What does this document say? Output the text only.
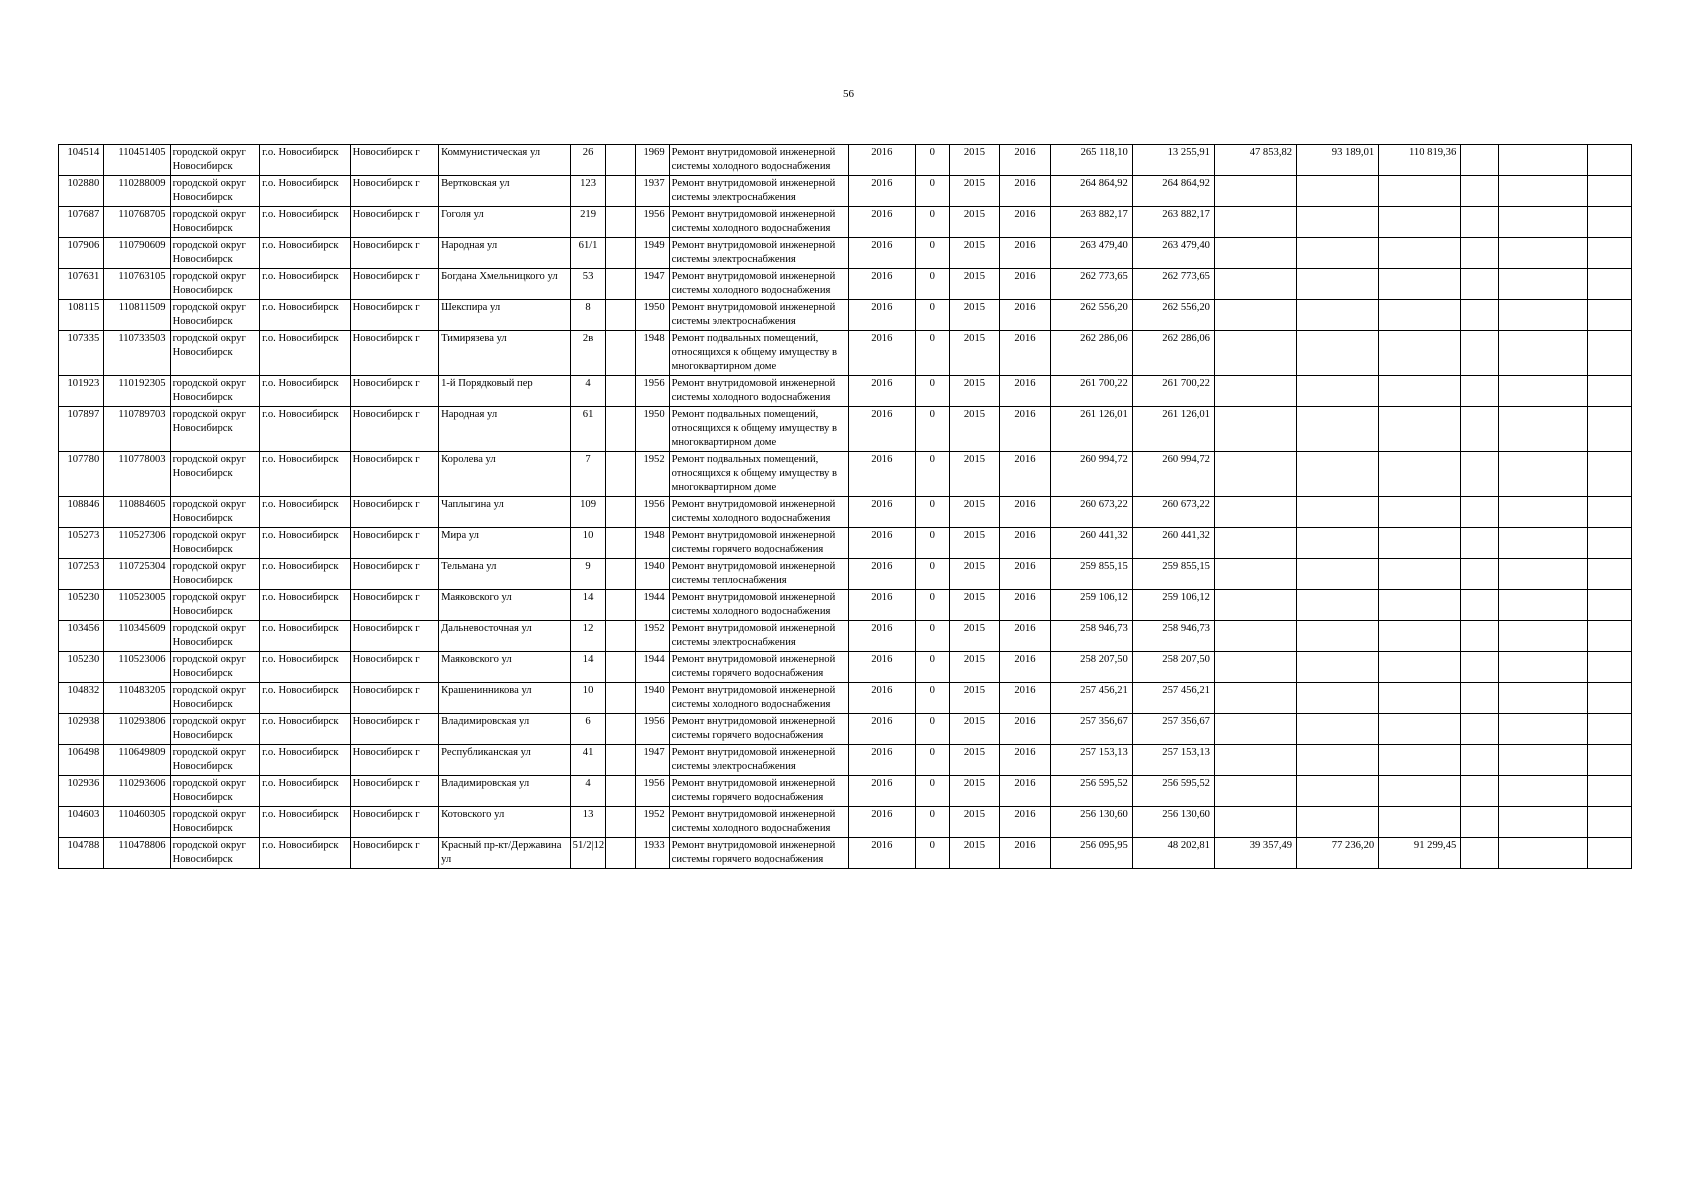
56
104514	110451405	городской округ Новосибирск	г.о. Новосибирск	Новосибирск г	Коммунистическая ул	26		1969	Ремонт внутридомовой инженерной системы холодного водоснабжения	2016	0	2015	2016	265 118,10	13 255,91	47 853,82	93 189,01	110 819,36			
102880	110288009	городской округ Новосибирск	г.о. Новосибирск	Новосибирск г	Вертковская ул	123		1937	Ремонт внутридомовой инженерной системы электроснабжения	2016	0	2015	2016	264 864,92	264 864,92						
107687	110768705	городской округ Новосибирск	г.о. Новосибирск	Новосибирск г	Гоголя ул	219		1956	Ремонт внутридомовой инженерной системы холодного водоснабжения	2016	0	2015	2016	263 882,17	263 882,17						
107906	110790609	городской округ Новосибирск	г.о. Новосибирск	Новосибирск г	Народная ул	61/1		1949	Ремонт внутридомовой инженерной системы электроснабжения	2016	0	2015	2016	263 479,40	263 479,40						
107631	110763105	городской округ Новосибирск	г.о. Новосибирск	Новосибирск г	Богдана Хмельницкого ул	53		1947	Ремонт внутридомовой инженерной системы холодного водоснабжения	2016	0	2015	2016	262 773,65	262 773,65						
108115	110811509	городской округ Новосибирск	г.о. Новосибирск	Новосибирск г	Шекспира ул	8		1950	Ремонт внутридомовой инженерной системы электроснабжения	2016	0	2015	2016	262 556,20	262 556,20						
107335	110733503	городской округ Новосибирск	г.о. Новосибирск	Новосибирск г	Тимирязева ул	2в		1948	Ремонт подвальных помещений, относящихся к общему имуществу в многоквартирном доме	2016	0	2015	2016	262 286,06	262 286,06						
101923	110192305	городской округ Новосибирск	г.о. Новосибирск	Новосибирск г	1-й Порядковый пер	4		1956	Ремонт внутридомовой инженерной системы холодного водоснабжения	2016	0	2015	2016	261 700,22	261 700,22						
107897	110789703	городской округ Новосибирск	г.о. Новосибирск	Новосибирск г	Народная ул	61		1950	Ремонт подвальных помещений, относящихся к общему имуществу в многоквартирном доме	2016	0	2015	2016	261 126,01	261 126,01						
107780	110778003	городской округ Новосибирск	г.о. Новосибирск	Новосибирск г	Королева ул	7		1952	Ремонт подвальных помещений, относящихся к общему имуществу в многоквартирном доме	2016	0	2015	2016	260 994,72	260 994,72						
108846	110884605	городской округ Новосибирск	г.о. Новосибирск	Новосибирск г	Чаплыгина ул	109		1956	Ремонт внутридомовой инженерной системы холодного водоснабжения	2016	0	2015	2016	260 673,22	260 673,22						
105273	110527306	городской округ Новосибирск	г.о. Новосибирск	Новосибирск г	Мира ул	10		1948	Ремонт внутридомовой инженерной системы горячего водоснабжения	2016	0	2015	2016	260 441,32	260 441,32						
107253	110725304	городской округ Новосибирск	г.о. Новосибирск	Новосибирск г	Тельмана ул	9		1940	Ремонт внутридомовой инженерной системы теплоснабжения	2016	0	2015	2016	259 855,15	259 855,15						
105230	110523005	городской округ Новосибирск	г.о. Новосибирск	Новосибирск г	Маяковского ул	14		1944	Ремонт внутридомовой инженерной системы холодного водоснабжения	2016	0	2015	2016	259 106,12	259 106,12						
103456	110345609	городской округ Новосибирск	г.о. Новосибирск	Новосибирск г	Дальневосточная ул	12		1952	Ремонт внутридомовой инженерной системы электроснабжения	2016	0	2015	2016	258 946,73	258 946,73						
105230	110523006	городской округ Новосибирск	г.о. Новосибирск	Новосибирск г	Маяковского ул	14		1944	Ремонт внутридомовой инженерной системы горячего водоснабжения	2016	0	2015	2016	258 207,50	258 207,50						
104832	110483205	городской округ Новосибирск	г.о. Новосибирск	Новосибирск г	Крашенинникова ул	10		1940	Ремонт внутридомовой инженерной системы холодного водоснабжения	2016	0	2015	2016	257 456,21	257 456,21						
102938	110293806	городской округ Новосибирск	г.о. Новосибирск	Новосибирск г	Владимировская ул	6		1956	Ремонт внутридомовой инженерной системы горячего водоснабжения	2016	0	2015	2016	257 356,67	257 356,67						
106498	110649809	городской округ Новосибирск	г.о. Новосибирск	Новосибирск г	Республиканская ул	41		1947	Ремонт внутридомовой инженерной системы электроснабжения	2016	0	2015	2016	257 153,13	257 153,13						
102936	110293606	городской округ Новосибирск	г.о. Новосибирск	Новосибирск г	Владимировская ул	4		1956	Ремонт внутридомовой инженерной системы горячего водоснабжения	2016	0	2015	2016	256 595,52	256 595,52						
104603	110460305	городской округ Новосибирск	г.о. Новосибирск	Новосибирск г	Котовского ул	13		1952	Ремонт внутридомовой инженерной системы холодного водоснабжения	2016	0	2015	2016	256 130,60	256 130,60						
104788	110478806	городской округ Новосибирск	г.о. Новосибирск	Новосибирск г	Красный пр-кт/Державина ул	51/2|12		1933	Ремонт внутридомовой инженерной системы горячего водоснабжения	2016	0	2015	2016	256 095,95	48 202,81	39 357,49	77 236,20	91 299,45			
